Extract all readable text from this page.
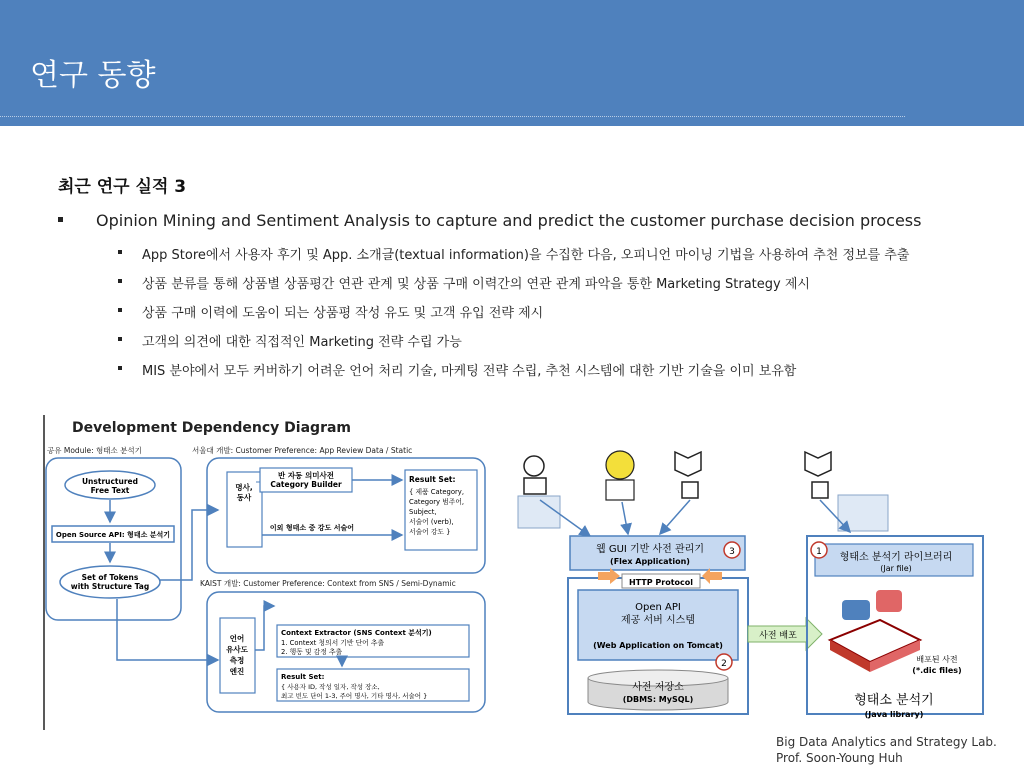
연구 동향
최근 연구 실적 3
Opinion Mining and Sentiment Analysis to capture and predict the customer purchase decision process
App Store에서 사용자 후기 및 App. 소개글(textual information)을 수집한 다음, 오피니언 마이닝 기법을 사용하여 추천 정보를 추출
상품 분류를 통해 상품별 상품평간 연관 관계 및 상품 구매 이력간의 연관 관계 파악을 통한 Marketing Strategy 제시
상품 구매 이력에 도움이 되는 상품평 작성 유도 및 고객 유입 전략 제시
고객의 의견에 대한 직접적인 Marketing 전략 수립 가능
MIS 분야에서 모두 커버하기 어려운 언어 처리 기술, 마케팅 전략 수립, 추천 시스템에 대한 기반 기술을 이미 보유함
Development Dependency Diagram
공유 Module: 형태소 분석기	서울대 개발: Customer Preference: App Review Data / Static
Unstructured
Free Text
Open Source API: 형태소 분석기
Set of Tokens
with Structure Tag
명사,
동사
반 자동 의미사전
Category Builder
이외 형태소 중 강도 서술어
Result Set:
{ 제품 Category,
Category 범주어,
Subject,
서술어 (verb),
서술어 강도 }
KAIST 개발: Customer Preference: Context from SNS / Semi-Dynamic
언어
유사도
측정
엔진
Context Extractor (SNS Context 분석기)
1. Context 청의서 기반 단어 추출
2. 행동 및 감정 추출
Result Set:
{ 사용자 ID, 작성 일자, 작성 장소,
최고 빈도 단어 1-3, 주어 명사, 기타 명사, 서술어 }
웹 GUI 기반 사전 관리기
(Flex Application)
3
HTTP Protocol
Open API
제공 서버 시스템
(Web Application on Tomcat)
2
사전 저장소
(DBMS: MySQL)
사전 배포
1 형태소 분석기 라이브러리
(Jar file)
배포된 사전
(*.dic files)
형태소 분석기
(Java library)
Big Data Analytics and Strategy Lab.
Prof. Soon-Young Huh
